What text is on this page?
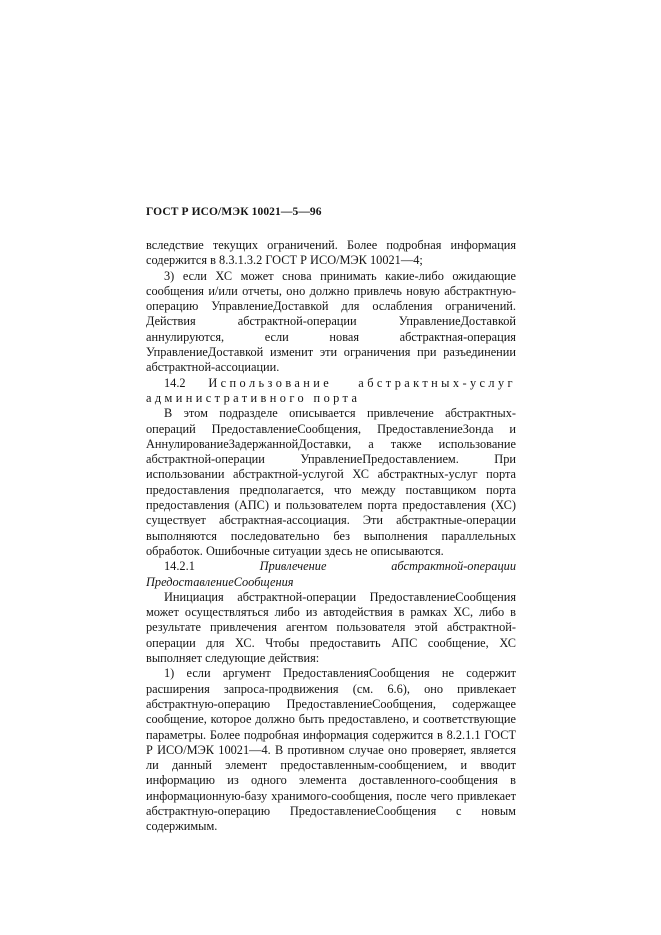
ГОСТ Р ИСО/МЭК 10021—5—96

вследствие текущих ограничений. Более подробная информация содержится в 8.3.1.3.2 ГОСТ Р ИСО/МЭК 10021—4;

3) если ХС может снова принимать какие-либо ожидающие сообщения и/или отчеты, оно должно привлечь новую абстрактную-операцию УправлениеДоставкой для ослабления ограничений. Действия абстрактной-операции УправлениеДоставкой аннулируются, если новая абстрактная-операция УправлениеДоставкой изменит эти ограничения при разъединении абстрактной-ассоциации.

14.2 Использование абстрактных-услуг административного порта

В этом подразделе описывается привлечение абстрактных-операций ПредоставлениеСообщения, ПредоставлениеЗонда и АннулированиеЗадержаннойДоставки, а также использование абстрактной-операции УправлениеПредоставлением. При использовании абстрактной-услугой ХС абстрактных-услуг порта предоставления предполагается, что между поставщиком порта предоставления (АПС) и пользователем порта предоставления (ХС) существует абстрактная-ассоциация. Эти абстрактные-операции выполняются последовательно без выполнения параллельных обработок. Ошибочные ситуации здесь не описываются.

14.2.1	Привлечение абстрактной-операции ПредоставлениеСообщения

Инициация абстрактной-операции ПредоставлениеСообщения может осуществляться либо из автодействия в рамках ХС, либо в результате привлечения агентом пользователя этой абстрактной-операции для ХС. Чтобы предоставить АПС сообщение, ХС выполняет следующие действия:

1) если аргумент ПредоставленияСообщения не содержит расширения запроса-продвижения (см. 6.6), оно привлекает абстрактную-операцию ПредоставлениеСообщения, содержащее сообщение, которое должно быть предоставлено, и соответствующие параметры. Более подробная информация содержится в 8.2.1.1 ГОСТ Р ИСО/МЭК 10021—4. В противном случае оно проверяет, является ли данный элемент предоставленным-сообщением, и вводит информацию из одного элемента доставленного-сообщения в информационную-базу хранимого-сообщения, после чего привлекает абстрактную-операцию ПредоставлениеСообщения с новым содержимым.
